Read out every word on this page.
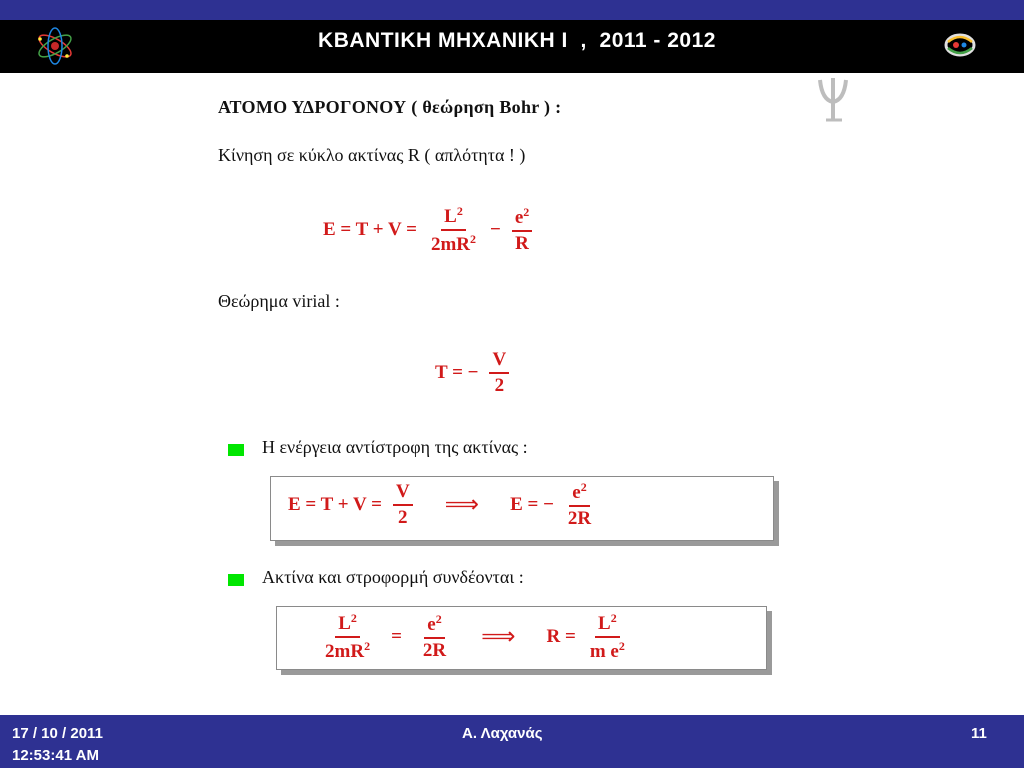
ΚΒΑΝΤΙΚΗ ΜΗΧΑΝΙΚΗ Ι  ,  2011 - 2012
ΑΤΟΜΟ ΥΔΡΟΓΟΝΟΥ ( θεώρηση Bohr ) :
Κίνηση σε κύκλο ακτίνας R ( απλότητα ! )
$E = T + V = \frac{L^2}{2mR^2} - \frac{e^2}{R}$
Θεώρημα virial :
T = − $\frac{V}{2}$
Η ενέργεια αντίστροφη της ακτίνας :
$E = T + V = \frac{V}{2}$ ⟹ E = − $\frac{e^2}{2R}$
Ακτίνα και στροφορμή συνδέονται :
$\frac{L^2}{2mR^2} = \frac{e^2}{2R}$ ⟹ $R = \frac{L^2}{m e^2}$
17 / 10 / 2011
12:53:41 AM
Α. Λαχανάς	11
